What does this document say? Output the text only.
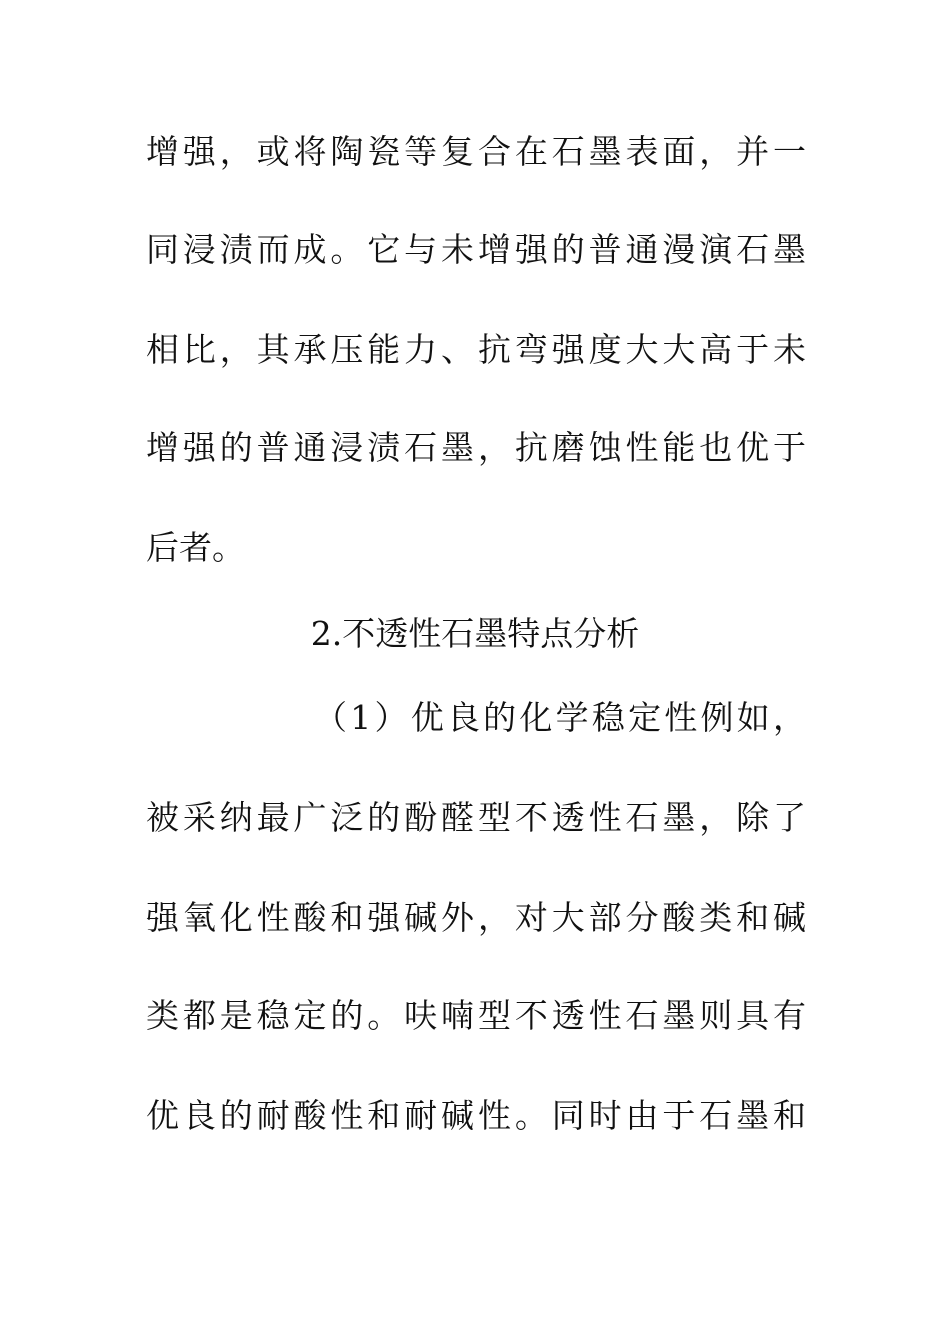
增强，或将陶瓷等复合在石墨表面，并一
同浸渍而成。它与未增强的普通漫演石墨
相比，其承压能力、抗弯强度大大高于未
增强的普通浸渍石墨，抗磨蚀性能也优于
后者。
2.不透性石墨特点分析
（1）优良的化学稳定性例如，
被采纳最广泛的酚醛型不透性石墨，除了
强氧化性酸和强碱外，对大部分酸类和碱
类都是稳定的。呋喃型不透性石墨则具有
优良的耐酸性和耐碱性。同时由于石墨和
